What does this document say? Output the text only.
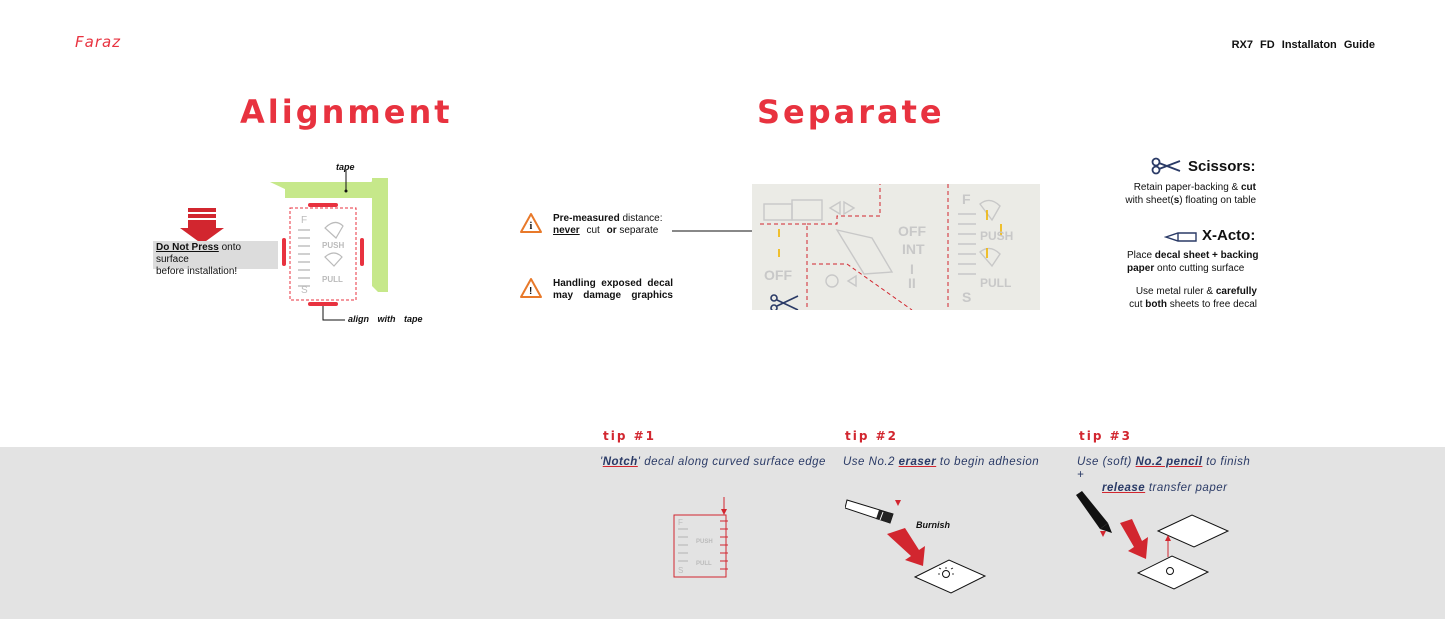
Faraz	RX7 FD Installaton Guide
Alignment
F
PUSH
PULL
S
tape
align with tape
Do Not Press onto surface
before installation!
Separate
i
Pre-measured distance:
never cut or separate
!
Handling exposed decal
may damage graphics
OFF
OFF
INT
I
II
F
PUSH
PULL
S
Scissors:
Retain paper-backing & cut
with sheet(s) floating on table
X-Acto:
Place decal sheet + backing
paper onto cutting surface
Use metal ruler & carefully
cut both sheets to free decal
tip #1
'Notch' decal along curved surface edge
F
PUSH
PULL
S
tip #2
Use No.2 eraser to begin adhesion
Burnish
tip #3
Use (soft) No.2 pencil to finish +
release transfer paper
